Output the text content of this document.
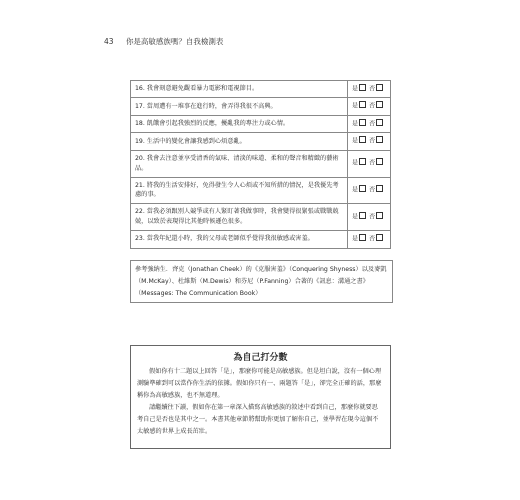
43 你是高敏感族嗎？自我檢測表
16. 我會刻意避免觀看暴力電影和電視節目。	是 否
17. 當周遭有一堆事在進行時，會弄得我很不高興。	是 否
18. 飢餓會引起我強烈的反應，擾亂我的專注力或心情。	是 否
19. 生活中的變化會讓我感到心煩意亂。	是 否
20. 我會去注意並享受清香的氣味、清淡的味道、柔和的聲音和精緻的藝術品。	是 否
21. 將我的生活安排好，免得發生令人心煩或不知所措的情況，是我優先考慮的事。	是 否
22. 當我必須跟別人競爭或有人緊盯著我做事時，我會變得很緊張或戰戰兢兢，以致於表現得比其他時候遜色很多。	是 否
23. 當我年紀還小時，我的父母或老師似乎覺得我很敏感或害羞。	是 否
參考強納生．齊克（Jonathan Cheek）的《克服害羞》（Conquering Shyness）以及麥凱（M.McKay）、杜維斯（M.Dewis）和芬尼（P.Fanning）合著的《訊息：溝通之書》（Messages: The Communication Book）
為自己打分數

假如你有十二題以上回答「是」，那麼你可能是高敏感族。但是坦白說，沒有一個心理測驗準確到可以當作你生活的依據。假如你只有一、兩題答「是」，卻完全正確的話，那麼稱你為高敏感族，也不無道理。

請繼續往下讀，假如你在第一章深入描寫高敏感族的敘述中看到自己，那麼你就要思考自己是否也是其中之一。本書其他章節將幫助你更加了解你自己，並學習在現今這個不太敏感的世界上成長茁壯。
